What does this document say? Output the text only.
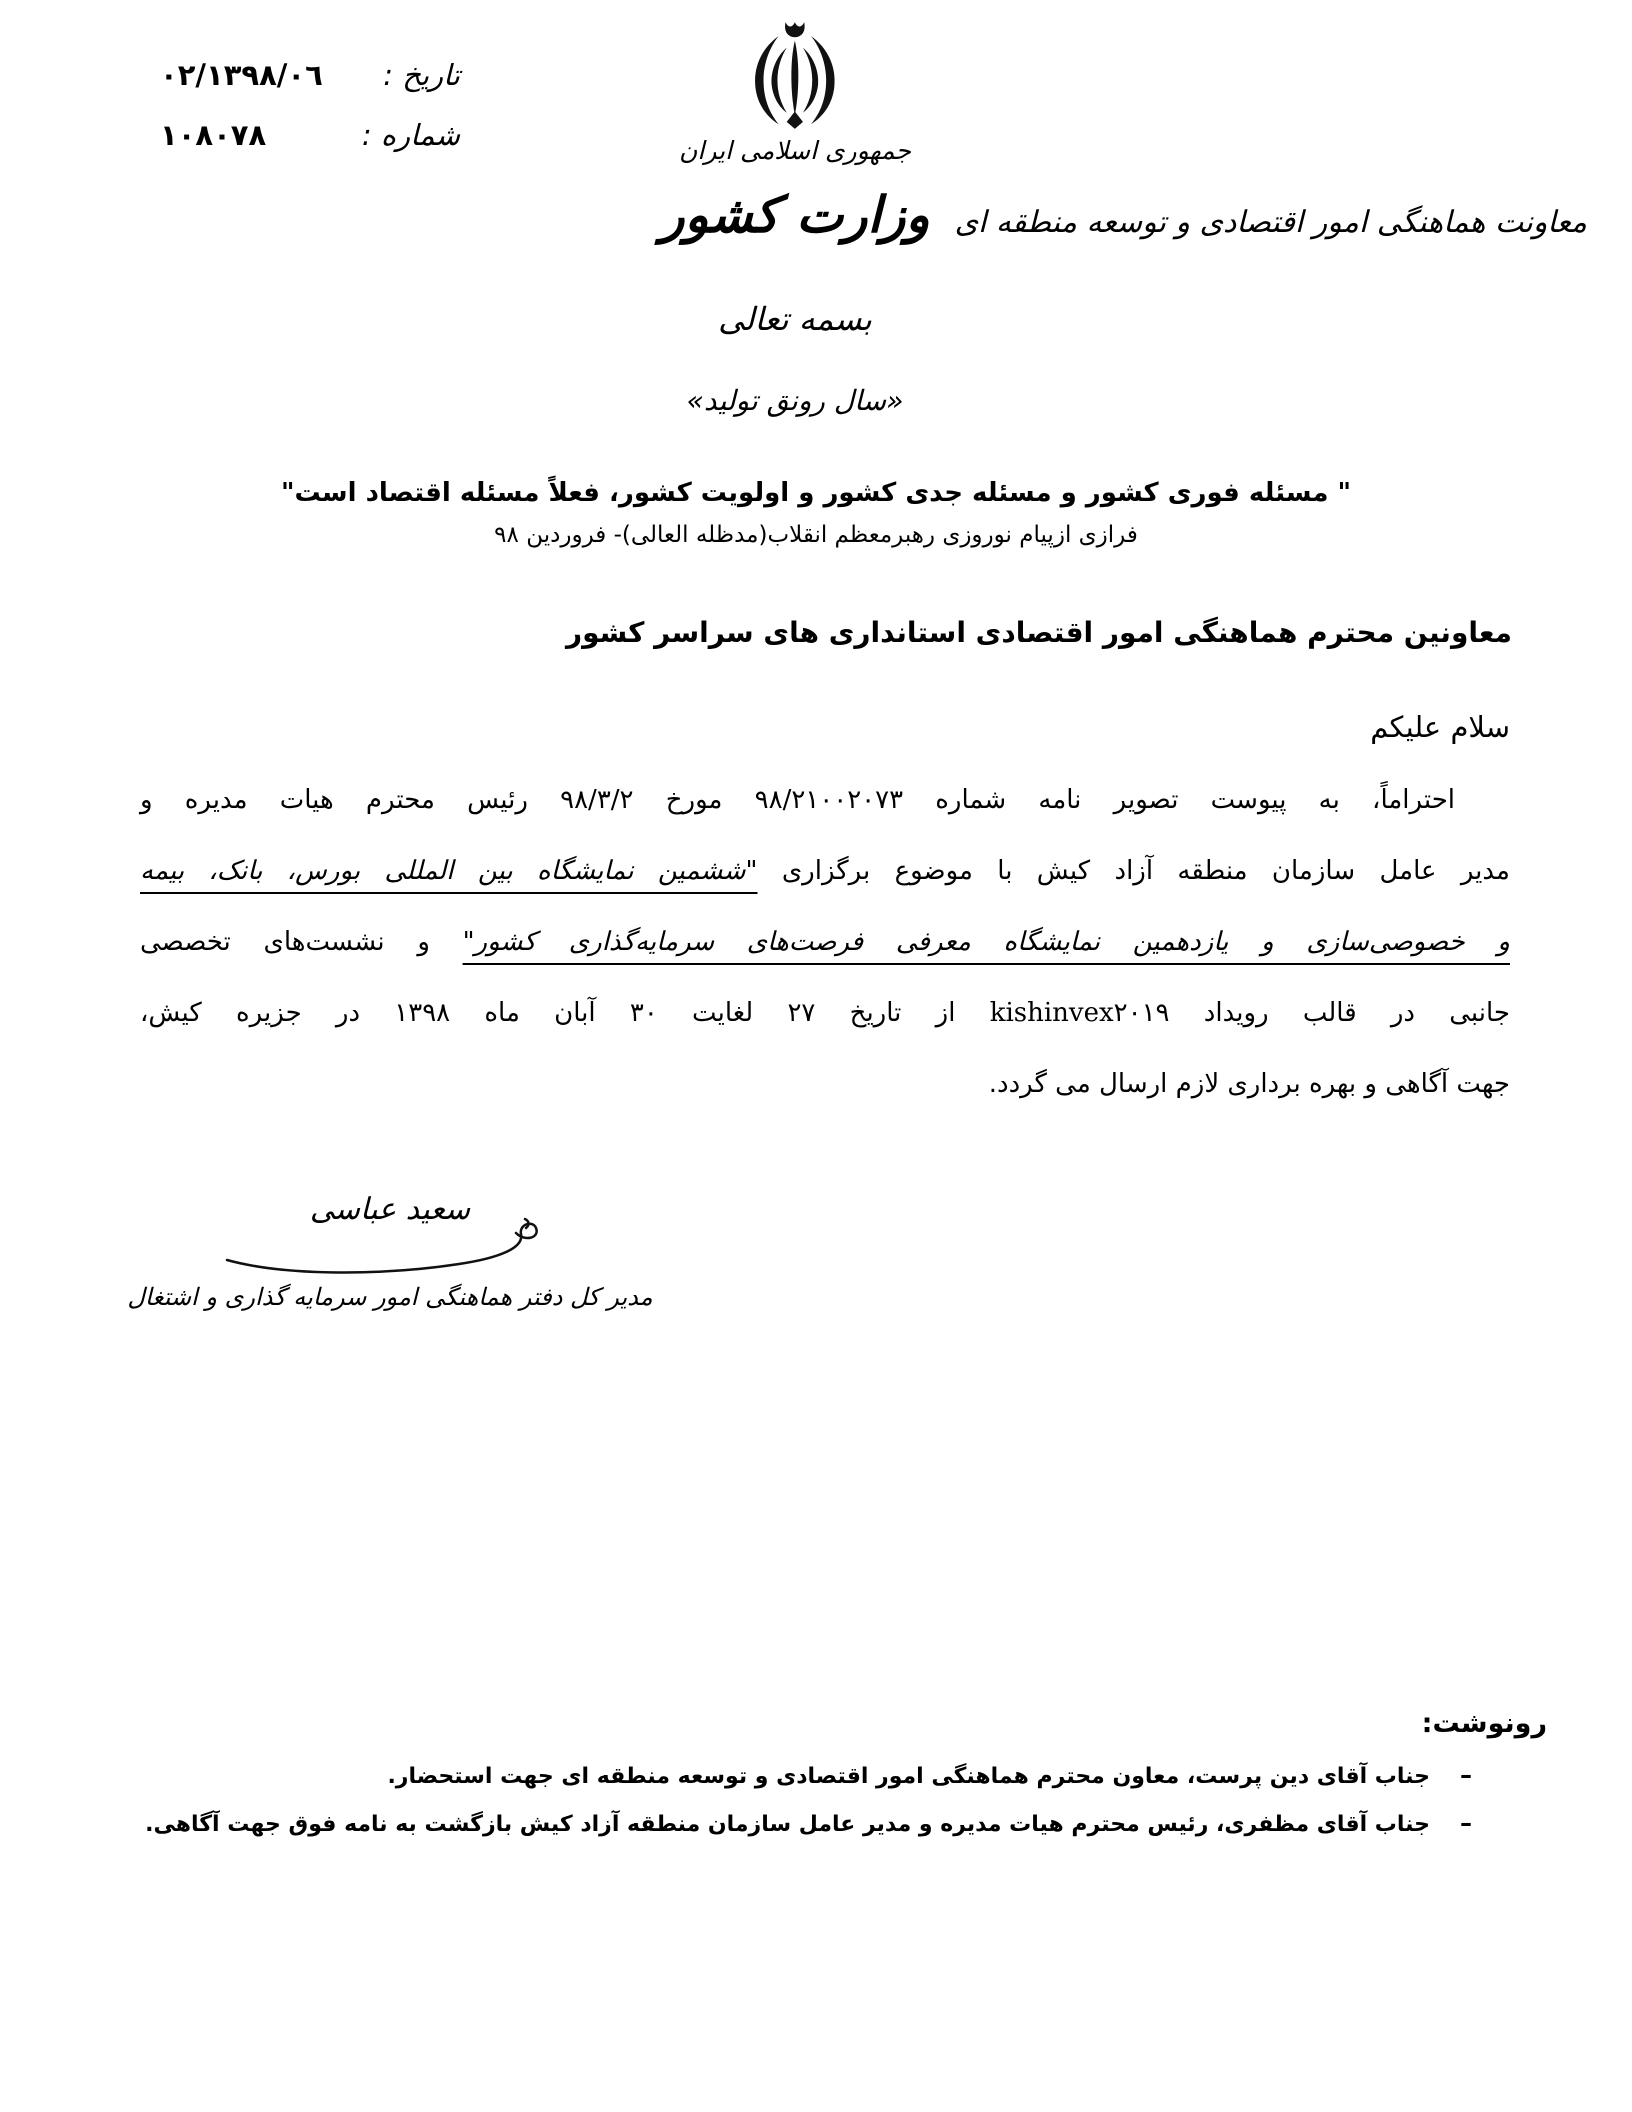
تاریخ :
۱۳۹۸/۰٦/۰۲
شماره :
۱۰۸۰۷۸	جمهوری اسلامی ایران
وزارت کشور
بسمه تعالی
«سال رونق تولید»
معاونت هماهنگی امور اقتصادی و توسعه منطقه ای
" مسئله فوری کشور و مسئله جدی کشور و اولویت کشور، فعلاً مسئله اقتصاد است"
فرازی ازپیام نوروزی رهبرمعظم انقلاب(مدظله العالی)- فروردین ۹۸
معاونین محترم هماهنگی امور اقتصادی استانداری های سراسر کشور
سلام علیکم
احتراماً، به پیوست تصویر نامه شماره ۹۸/۲۱۰۰۲۰۷۳ مورخ ۹۸/۳/۲ رئیس محترم هیات مدیره و
مدیر عامل سازمان منطقه آزاد کیش با موضوع برگزاری "ششمین نمایشگاه بین المللی بورس، بانک، بیمه
و خصوصی‌سازی و یازدهمین نمایشگاه معرفی فرصت‌های سرمایه‌گذاری کشور" و نشست‌های تخصصی
جانبی در قالب رویداد kishinvex۲۰۱۹ از تاریخ ۲۷ لغایت ۳۰ آبان ماه ۱۳۹۸ در جزیره کیش،
جهت آگاهی و بهره برداری لازم ارسال می گردد.
سعید عباسی
مدیر کل دفتر هماهنگی امور سرمایه گذاری و اشتغال
رونوشت:
–
جناب آقای دین پرست، معاون محترم هماهنگی امور اقتصادی و توسعه منطقه ای جهت استحضار.
–
جناب آقای مظفری، رئیس محترم هیات مدیره و مدیر عامل سازمان منطقه آزاد کیش بازگشت به نامه فوق جهت آگاهی.
